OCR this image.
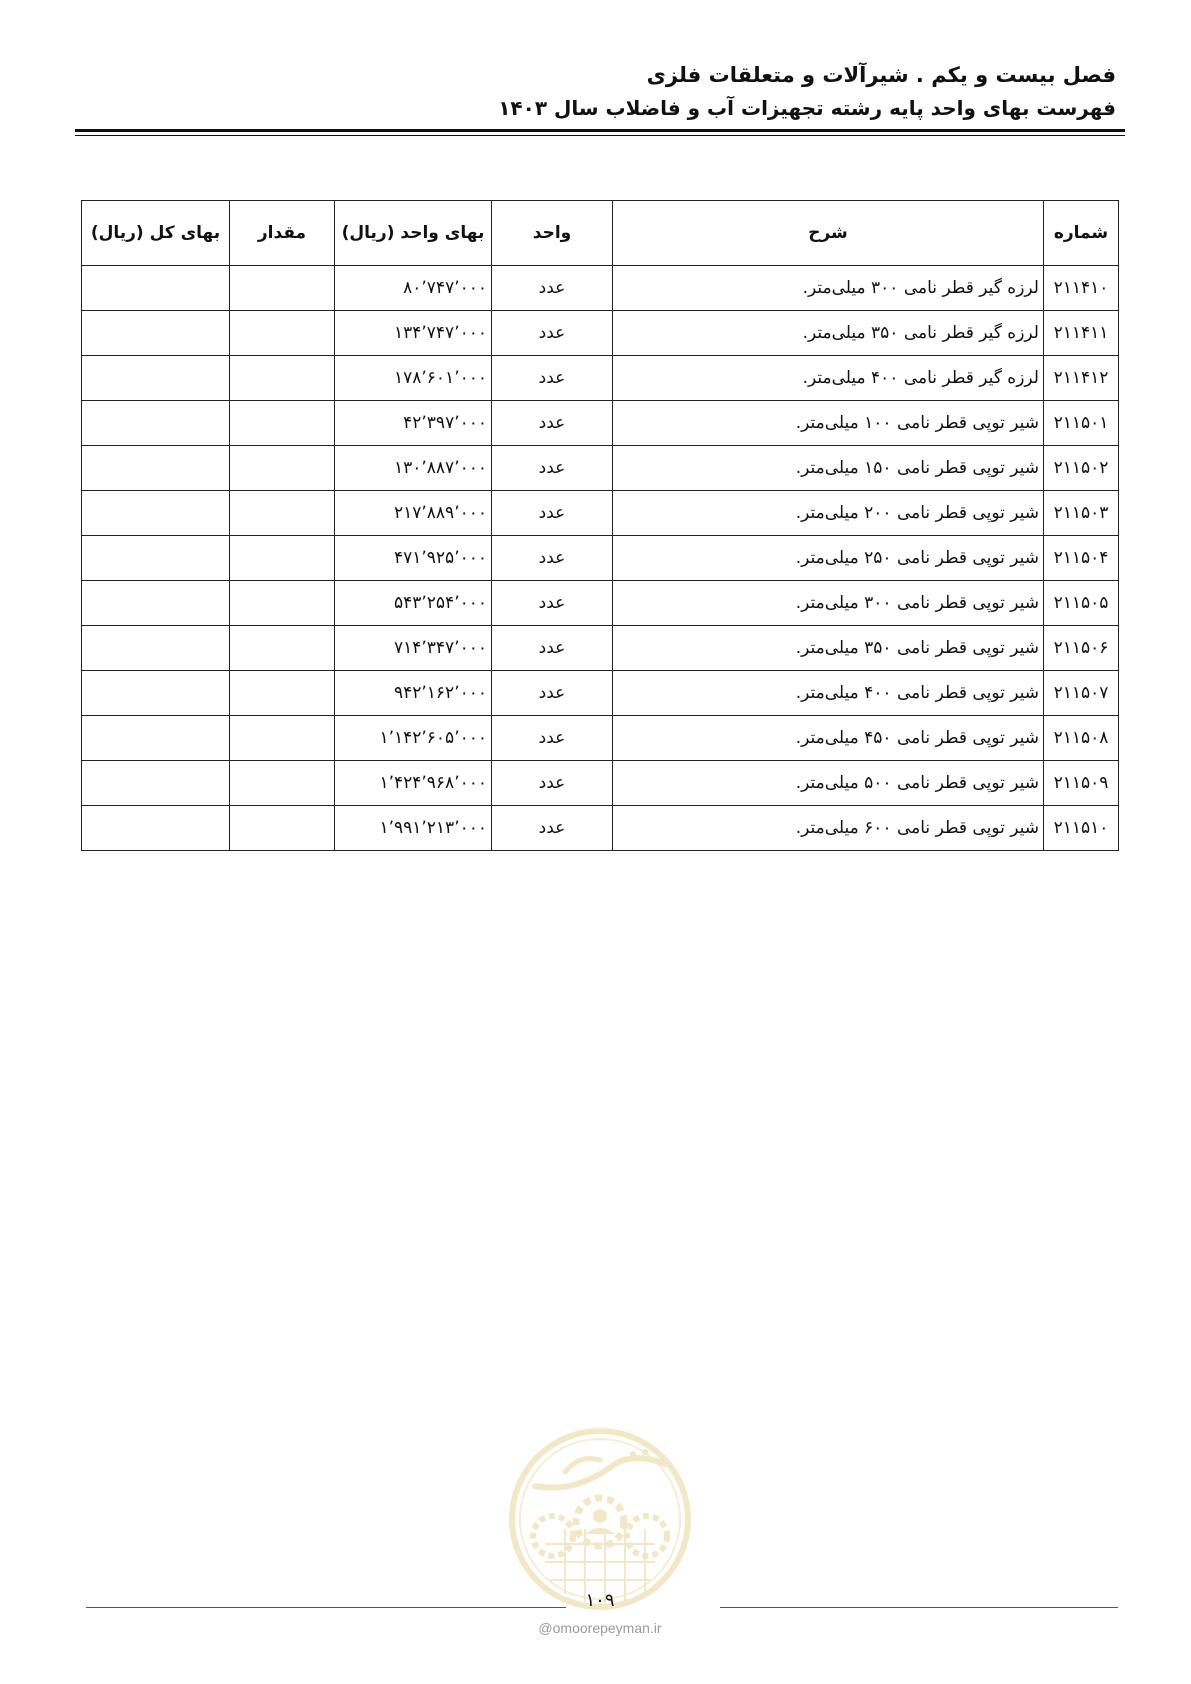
فصل بیست و یکم . شیرآلات و متعلقات فلزی
فهرست بهای واحد پایه رشته تجهیزات آب و فاضلاب سال ۱۴۰۳
شماره	شرح	واحد	بهای واحد (ریال)	مقدار	بهای کل (ریال)
۲۱۱۴۱۰	لرزه گیر قطر نامی ۳۰۰ میلی‌متر.	عدد	۸۰٬۷۴۷٬۰۰۰		
۲۱۱۴۱۱	لرزه گیر قطر نامی ۳۵۰ میلی‌متر.	عدد	۱۳۴٬۷۴۷٬۰۰۰		
۲۱۱۴۱۲	لرزه گیر قطر نامی ۴۰۰ میلی‌متر.	عدد	۱۷۸٬۶۰۱٬۰۰۰		
۲۱۱۵۰۱	شیر توپی قطر نامی ۱۰۰ میلی‌متر.	عدد	۴۲٬۳۹۷٬۰۰۰		
۲۱۱۵۰۲	شیر توپی قطر نامی ۱۵۰ میلی‌متر.	عدد	۱۳۰٬۸۸۷٬۰۰۰		
۲۱۱۵۰۳	شیر توپی قطر نامی ۲۰۰ میلی‌متر.	عدد	۲۱۷٬۸۸۹٬۰۰۰		
۲۱۱۵۰۴	شیر توپی قطر نامی ۲۵۰ میلی‌متر.	عدد	۴۷۱٬۹۲۵٬۰۰۰		
۲۱۱۵۰۵	شیر توپی قطر نامی ۳۰۰ میلی‌متر.	عدد	۵۴۳٬۲۵۴٬۰۰۰		
۲۱۱۵۰۶	شیر توپی قطر نامی ۳۵۰ میلی‌متر.	عدد	۷۱۴٬۳۴۷٬۰۰۰		
۲۱۱۵۰۷	شیر توپی قطر نامی ۴۰۰ میلی‌متر.	عدد	۹۴۲٬۱۶۲٬۰۰۰		
۲۱۱۵۰۸	شیر توپی قطر نامی ۴۵۰ میلی‌متر.	عدد	۱٬۱۴۲٬۶۰۵٬۰۰۰		
۲۱۱۵۰۹	شیر توپی قطر نامی ۵۰۰ میلی‌متر.	عدد	۱٬۴۲۴٬۹۶۸٬۰۰۰		
۲۱۱۵۱۰	شیر توپی قطر نامی ۶۰۰ میلی‌متر.	عدد	۱٬۹۹۱٬۲۱۳٬۰۰۰		
۱۰۹
@omoorepeyman.ir
